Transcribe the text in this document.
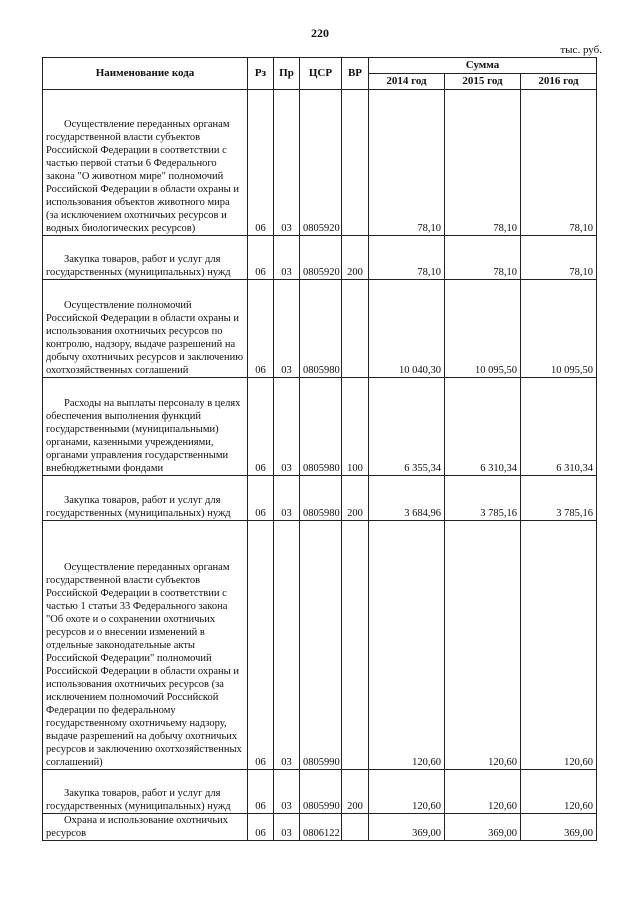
220
тыс. руб.
Наименование кода	Рз	Пр	ЦСР	ВР	Сумма		
					2014 год	2015 год	2016 год
Осуществление переданных органам государственной власти субъектов Российской Федерации в соответствии с частью первой статьи 6 Федерального закона "О животном мире" полномочий Российской Федерации в области охраны и использования объектов животного мира (за исключением охотничьих ресурсов и водных биологических ресурсов)	06	03	0805920		78,10	78,10	78,10
Закупка товаров, работ и услуг для государственных (муниципальных) нужд	06	03	0805920	200	78,10	78,10	78,10
Осуществление полномочий Российской Федерации в области охраны и использования охотничьих ресурсов по контролю, надзору, выдаче разрешений на добычу охотничьих ресурсов и заключению охотхозяйственных соглашений	06	03	0805980		10 040,30	10 095,50	10 095,50
Расходы на выплаты персоналу в целях обеспечения выполнения функций государственными (муниципальными) органами, казенными учреждениями, органами управления государственными внебюджетными фондами	06	03	0805980	100	6 355,34	6 310,34	6 310,34
Закупка товаров, работ и услуг для государственных (муниципальных) нужд	06	03	0805980	200	3 684,96	3 785,16	3 785,16
Осуществление переданных органам государственной власти субъектов Российской Федерации в соответствии с частью 1 статьи 33 Федерального закона "Об охоте и о сохранении охотничьих ресурсов и о внесении изменений в отдельные законодательные акты Российской Федерации" полномочий Российской Федерации в области охраны и использования охотничьих ресурсов (за исключением полномочий Российской Федерации по федеральному государственному охотничьему надзору, выдаче разрешений на добычу охотничьих ресурсов и заключению охотхозяйственных соглашений)	06	03	0805990		120,60	120,60	120,60
Закупка товаров, работ и услуг для государственных (муниципальных) нужд	06	03	0805990	200	120,60	120,60	120,60
Охрана и использование охотничьих ресурсов	06	03	0806122		369,00	369,00	369,00
